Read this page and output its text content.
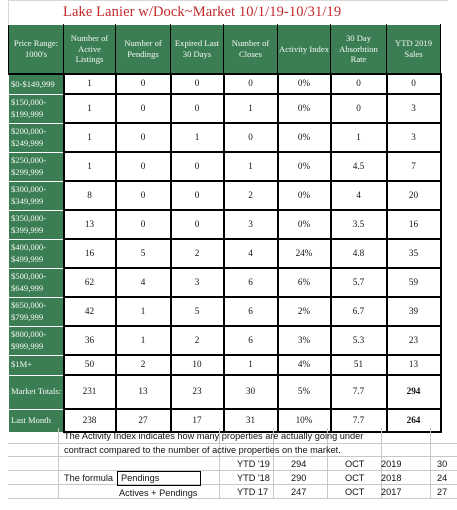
Lake Lanier w/Dock~Market 10/1/19-10/31/19
Price Range: 1000's	Number of Active Listings	Number of Pendings	Expired Last 30 Days	Number of Closes	Activity Index	30 Day Absorbtion Rate	YTD 2019 Sales
$0-$149,999	1	0	0	0	0%	0	0
$150,000- $199,999	1	0	0	1	0%	0	3
$200,000- $249,999	1	0	1	0	0%	1	3
$250,000- $299,999	1	0	0	1	0%	4.5	7
$300,000- $349,999	8	0	0	2	0%	4	20
$350,000- $399,999	13	0	0	3	0%	3.5	16
$400,000- $499,999	16	5	2	4	24%	4.8	35
$500,000- $649,999	62	4	3	6	6%	5.7	59
$650,000- $799,999	42	1	5	6	2%	6.7	39
$800,000- $999,999	36	1	2	6	3%	5.3	23
$1M+	50	2	10	1	4%	51	13
Market Totals:	231	13	23	30	5%	7.7	294
Last Month	238	27	17	31	10%	7.7	264
The Activity Index indicates how many properties are actually going under
contract compared to the number of active properties on the market.
The formula Pendings
Actives + Pendings
YTD '19 294	OCT 2019	30
YTD '18 290	OCT 2018	24
YTD 17 247	OCT 2017	27
